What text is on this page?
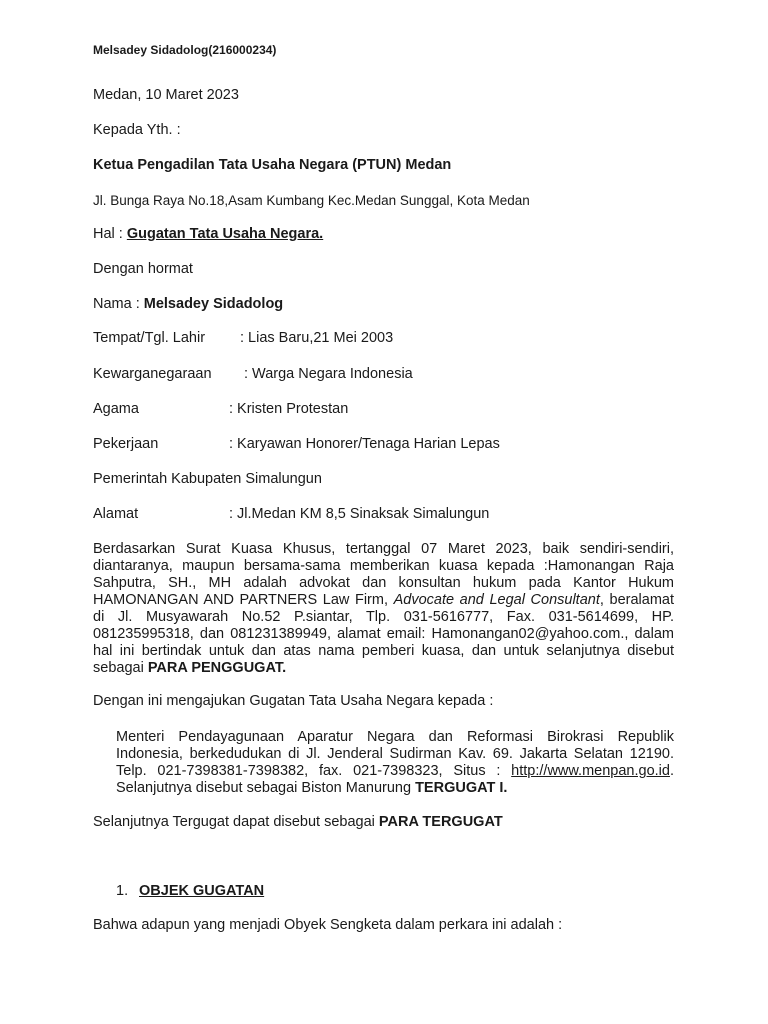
Melsadey Sidadolog(216000234)
Medan, 10 Maret 2023
Kepada Yth. :
Ketua Pengadilan Tata Usaha Negara (PTUN) Medan
Jl. Bunga Raya No.18,Asam Kumbang Kec.Medan Sunggal, Kota Medan
Hal : Gugatan Tata Usaha Negara.
Dengan hormat
Nama : Melsadey Sidadolog
Tempat/Tgl. Lahir : Lias Baru,21 Mei 2003
Kewarganegaraan : Warga Negara Indonesia
Agama	: Kristen Protestan
Pekerjaan	: Karyawan Honorer/Tenaga Harian Lepas
Pemerintah Kabupaten Simalungun
Alamat	: Jl.Medan KM 8,5 Sinaksak Simalungun
Berdasarkan Surat Kuasa Khusus, tertanggal 07 Maret 2023, baik sendiri-sendiri, diantaranya, maupun bersama-sama memberikan kuasa kepada :Hamonangan Raja Sahputra, SH., MH adalah advokat dan konsultan hukum pada Kantor Hukum HAMONANGAN AND PARTNERS Law Firm, Advocate and Legal Consultant, beralamat di Jl. Musyawarah No.52 P.siantar, Tlp. 031-5616777, Fax. 031-5614699, HP. 081235995318, dan 081231389949, alamat email: Hamonangan02@yahoo.com., dalam hal ini bertindak untuk dan atas nama pemberi kuasa, dan untuk selanjutnya disebut sebagai PARA PENGGUGAT.
Dengan ini mengajukan Gugatan Tata Usaha Negara kepada :
Menteri Pendayagunaan Aparatur Negara dan Reformasi Birokrasi Republik Indonesia, berkedudukan di Jl. Jenderal Sudirman Kav. 69. Jakarta Selatan 12190. Telp. 021-7398381-7398382, fax. 021-7398323, Situs : http://www.menpan.go.id. Selanjutnya disebut sebagai Biston Manurung TERGUGAT I.
Selanjutnya Tergugat dapat disebut sebagai PARA TERGUGAT
1. OBJEK GUGATAN
Bahwa adapun yang menjadi Obyek Sengketa dalam perkara ini adalah :
